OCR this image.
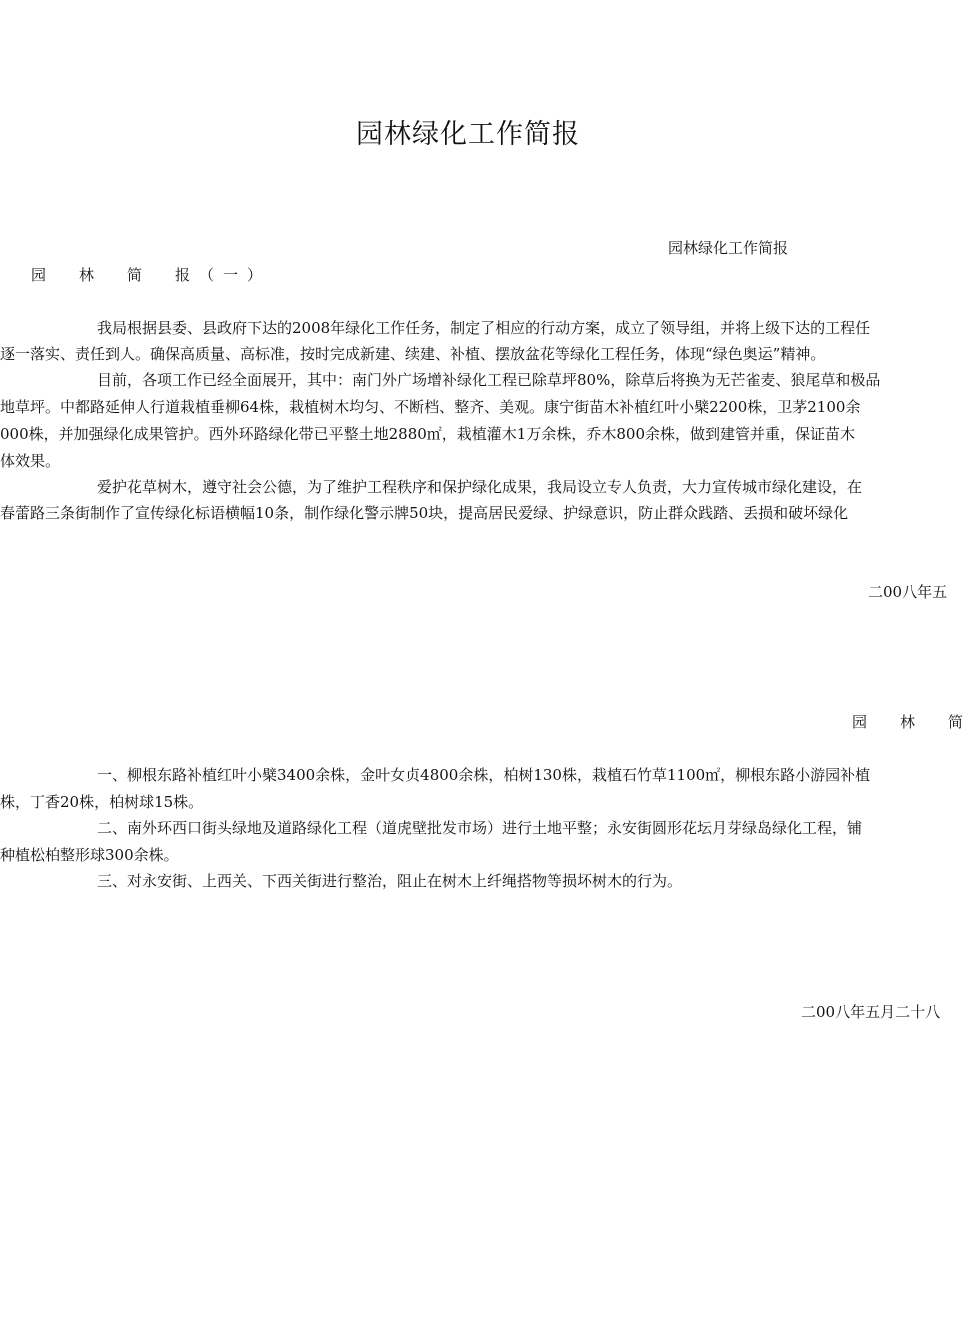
园林绿化工作简报
园林绿化工作简报
园　林　简　报（一）
我局根据县委、县政府下达的2008年绿化工作任务，制定了相应的行动方案，成立了领导组，并将上级下达的工程任
逐一落实、责任到人。确保高质量、高标准，按时完成新建、续建、补植、摆放盆花等绿化工程任务，体现“绿色奥运”精神。
目前，各项工作已经全面展开，其中：南门外广场增补绿化工程已除草坪80%，除草后将换为无芒雀麦、狼尾草和极品
地草坪。中都路延伸人行道栽植垂柳64株，栽植树木均匀、不断档、整齐、美观。康宁街苗木补植红叶小檗2200株，卫茅2100余
000株，并加强绿化成果管护。西外环路绿化带已平整土地2880㎡，栽植灌木1万余株，乔木800余株，做到建管并重，保证苗木
体效果。
爱护花草树木，遵守社会公德，为了维护工程秩序和保护绿化成果，我局设立专人负责，大力宣传城市绿化建设，在
春蕾路三条街制作了宣传绿化标语横幅10条，制作绿化警示牌50块，提高居民爱绿、护绿意识，防止群众践踏、丢损和破坏绿化
二00八年五
园　林　简
一、柳根东路补植红叶小檗3400余株，金叶女贞4800余株，柏树130株，栽植石竹草1100㎡，柳根东路小游园补植
株，丁香20株，柏树球15株。
二、南外环西口街头绿地及道路绿化工程（道虎壁批发市场）进行土地平整；永安街圆形花坛月芽绿岛绿化工程，铺
种植松柏整形球300余株。
三、对永安街、上西关、下西关街进行整治，阻止在树木上纤绳搭物等损坏树木的行为。
二00八年五月二十八
